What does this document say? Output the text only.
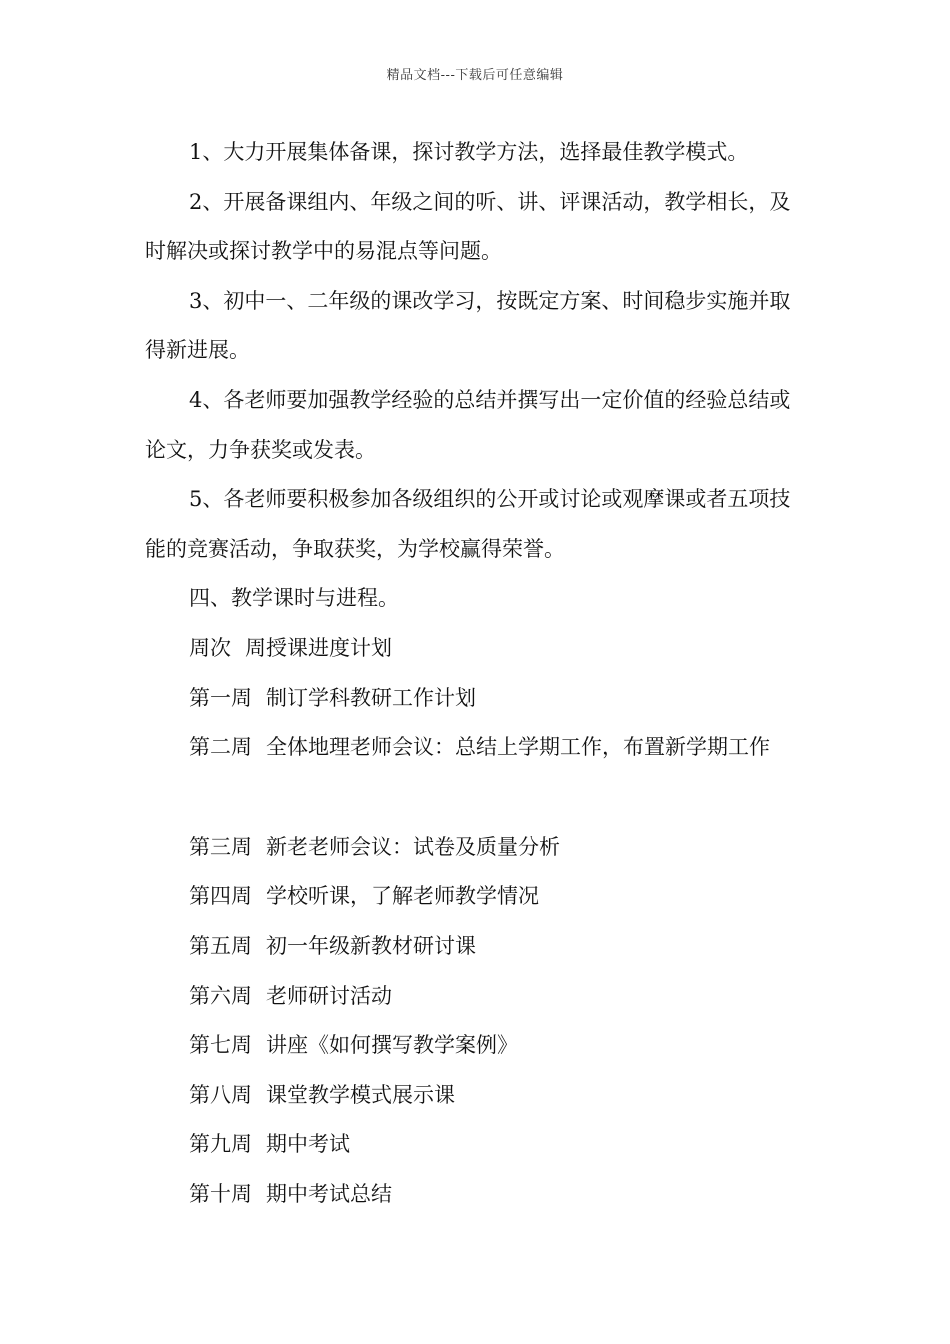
精品文档---下载后可任意编辑

1、大力开展集体备课，探讨教学方法，选择最佳教学模式。

2、开展备课组内、年级之间的听、讲、评课活动，教学相长，及时解决或探讨教学中的易混点等问题。

3、初中一、二年级的课改学习，按既定方案、时间稳步实施并取得新进展。

4、各老师要加强教学经验的总结并撰写出一定价值的经验总结或论文，力争获奖或发表。

5、各老师要积极参加各级组织的公开或讨论或观摩课或者五项技能的竞赛活动，争取获奖，为学校赢得荣誉。

四、教学课时与进程。

周次 周授课进度计划

第一周 制订学科教研工作计划

第二周 全体地理老师会议：总结上学期工作，布置新学期工作

第三周 新老老师会议：试卷及质量分析

第四周 学校听课，了解老师教学情况

第五周 初一年级新教材研讨课

第六周 老师研讨活动

第七周 讲座《如何撰写教学案例》

第八周 课堂教学模式展示课

第九周 期中考试

第十周 期中考试总结
